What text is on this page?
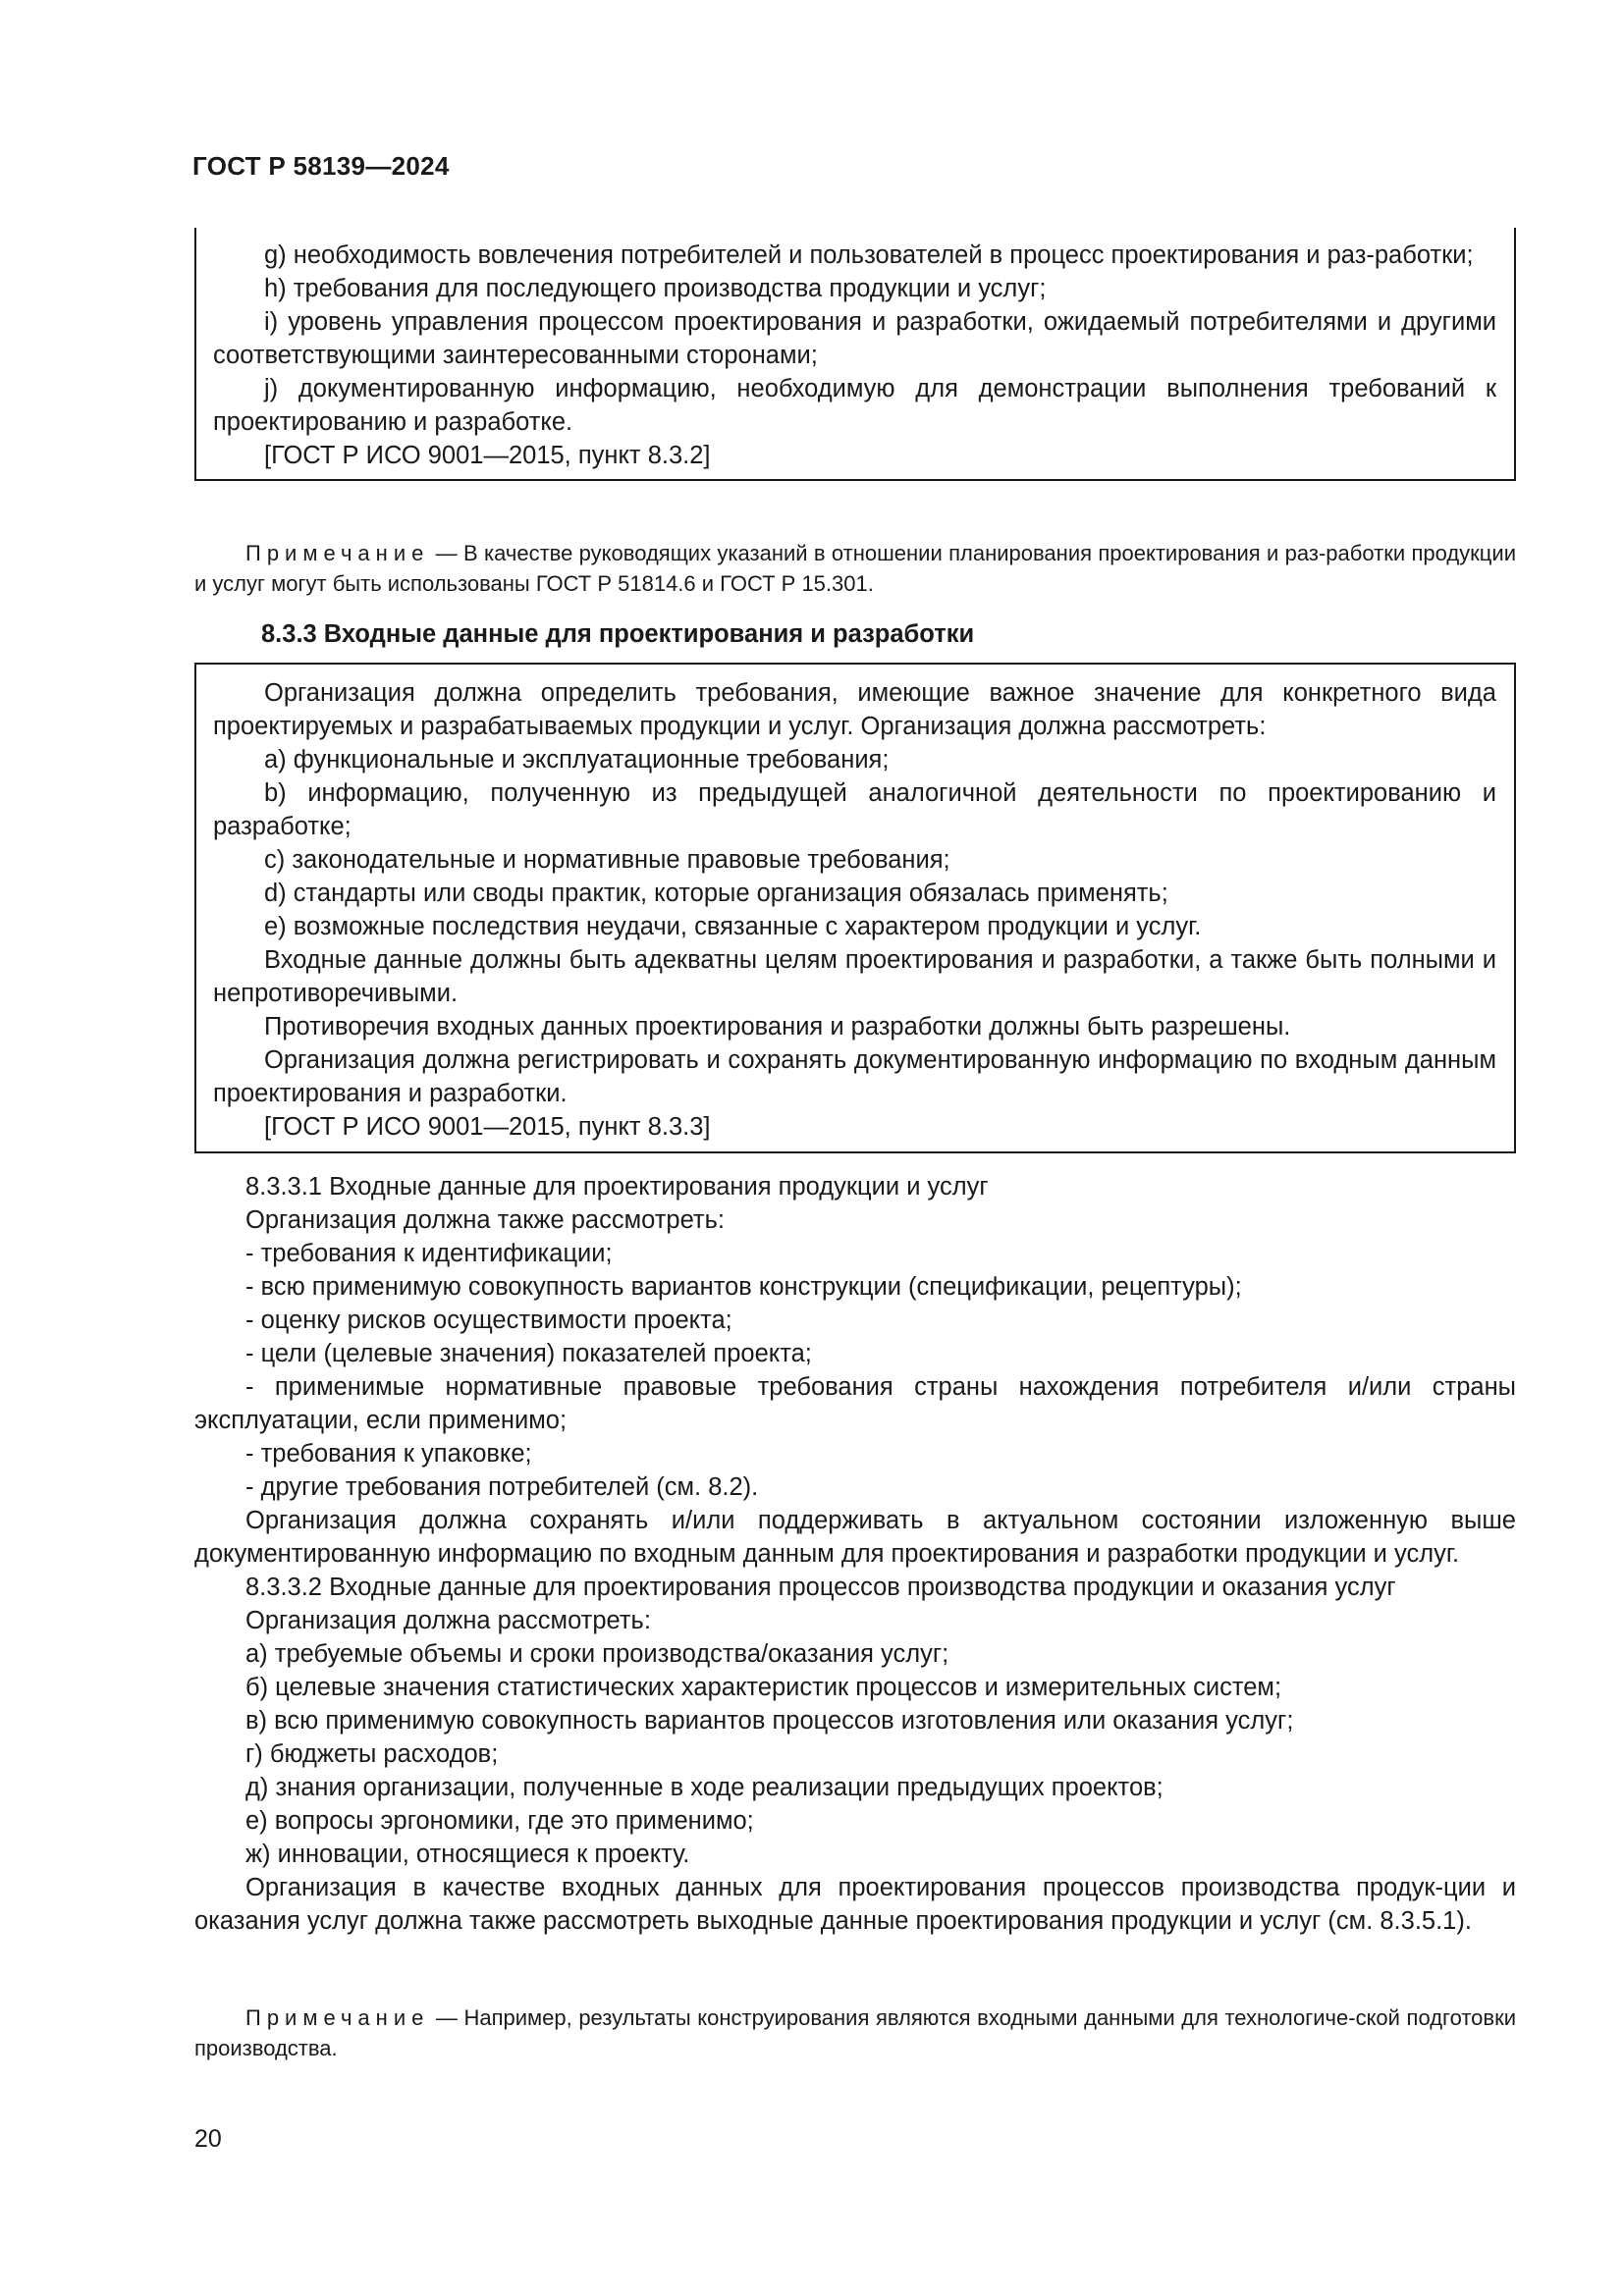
ГОСТ Р 58139—2024

g) необходимость вовлечения потребителей и пользователей в процесс проектирования и раз-работки;

h) требования для последующего производства продукции и услуг;

i) уровень управления процессом проектирования и разработки, ожидаемый потребителями и другими соответствующими заинтересованными сторонами;

j) документированную информацию, необходимую для демонстрации выполнения требований к проектированию и разработке.

[ГОСТ Р ИСО 9001—2015, пункт 8.3.2]

Примечание — В качестве руководящих указаний в отношении планирования проектирования и раз-работки продукции и услуг могут быть использованы ГОСТ Р 51814.6 и ГОСТ Р 15.301.
8.3.3 Входные данные для проектирования и разработки

Организация должна определить требования, имеющие важное значение для конкретного вида проектируемых и разрабатываемых продукции и услуг. Организация должна рассмотреть:

a) функциональные и эксплуатационные требования;

b) информацию, полученную из предыдущей аналогичной деятельности по проектированию и разработке;

c) законодательные и нормативные правовые требования;

d) стандарты или своды практик, которые организация обязалась применять;

e) возможные последствия неудачи, связанные с характером продукции и услуг.

Входные данные должны быть адекватны целям проектирования и разработки, а также быть полными и непротиворечивыми.

Противоречия входных данных проектирования и разработки должны быть разрешены.

Организация должна регистрировать и сохранять документированную информацию по входным данным проектирования и разработки.

[ГОСТ Р ИСО 9001—2015, пункт 8.3.3]

8.3.3.1 Входные данные для проектирования продукции и услуг

Организация должна также рассмотреть:

- требования к идентификации;

- всю применимую совокупность вариантов конструкции (спецификации, рецептуры);

- оценку рисков осуществимости проекта;

- цели (целевые значения) показателей проекта;

- применимые нормативные правовые требования страны нахождения потребителя и/или страны эксплуатации, если применимо;

- требования к упаковке;

- другие требования потребителей (см. 8.2).

Организация должна сохранять и/или поддерживать в актуальном состоянии изложенную выше документированную информацию по входным данным для проектирования и разработки продукции и услуг.

8.3.3.2 Входные данные для проектирования процессов производства продукции и оказания услуг

Организация должна рассмотреть:

а) требуемые объемы и сроки производства/оказания услуг;

б) целевые значения статистических характеристик процессов и измерительных систем;

в) всю применимую совокупность вариантов процессов изготовления или оказания услуг;

г) бюджеты расходов;

д) знания организации, полученные в ходе реализации предыдущих проектов;

е) вопросы эргономики, где это применимо;

ж) инновации, относящиеся к проекту.

Организация в качестве входных данных для проектирования процессов производства продук-ции и оказания услуг должна также рассмотреть выходные данные проектирования продукции и услуг (см. 8.3.5.1).

Примечание — Например, результаты конструирования являются входными данными для технологиче-ской подготовки производства.
20
